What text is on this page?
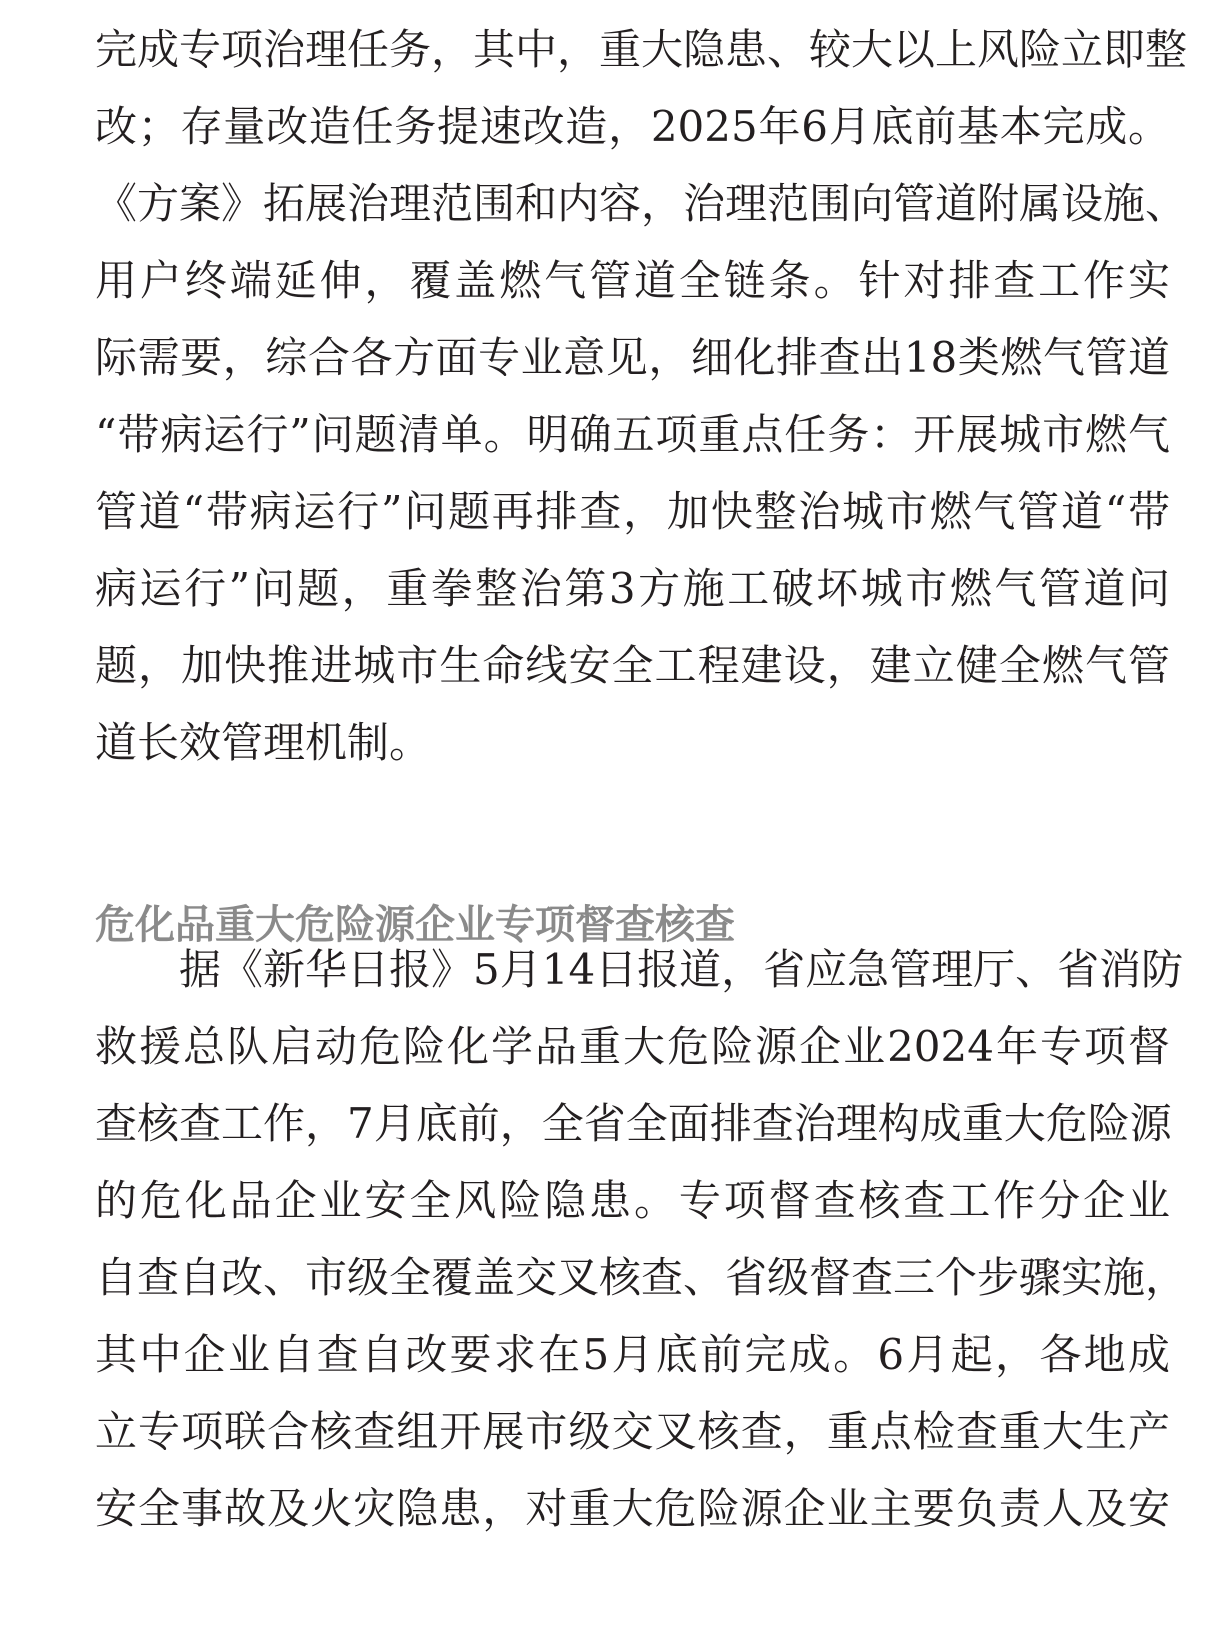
完成专项治理任务，其中，重大隐患、较大以上风险立即整
改；存量改造任务提速改造，2025年6月底前基本完成。
《方案》拓展治理范围和内容，治理范围向管道附属设施、
用户终端延伸，覆盖燃气管道全链条。针对排查工作实
际需要，综合各方面专业意见，细化排查出18类燃气管道
“带病运行”问题清单。明确五项重点任务：开展城市燃气
管道“带病运行”问题再排查，加快整治城市燃气管道“带
病运行”问题，重拳整治第3方施工破坏城市燃气管道问
题，加快推进城市生命线安全工程建设，建立健全燃气管
道长效管理机制。
危化品重大危险源企业专项督查核查
　　据《新华日报》5月14日报道，省应急管理厅、省消防
救援总队启动危险化学品重大危险源企业2024年专项督
查核查工作，7月底前，全省全面排查治理构成重大危险源
的危化品企业安全风险隐患。专项督查核查工作分企业
自查自改、市级全覆盖交叉核查、省级督查三个步骤实施，
其中企业自查自改要求在5月底前完成。6月起，各地成
立专项联合核查组开展市级交叉核查，重点检查重大生产
安全事故及火灾隐患，对重大危险源企业主要负责人及安
